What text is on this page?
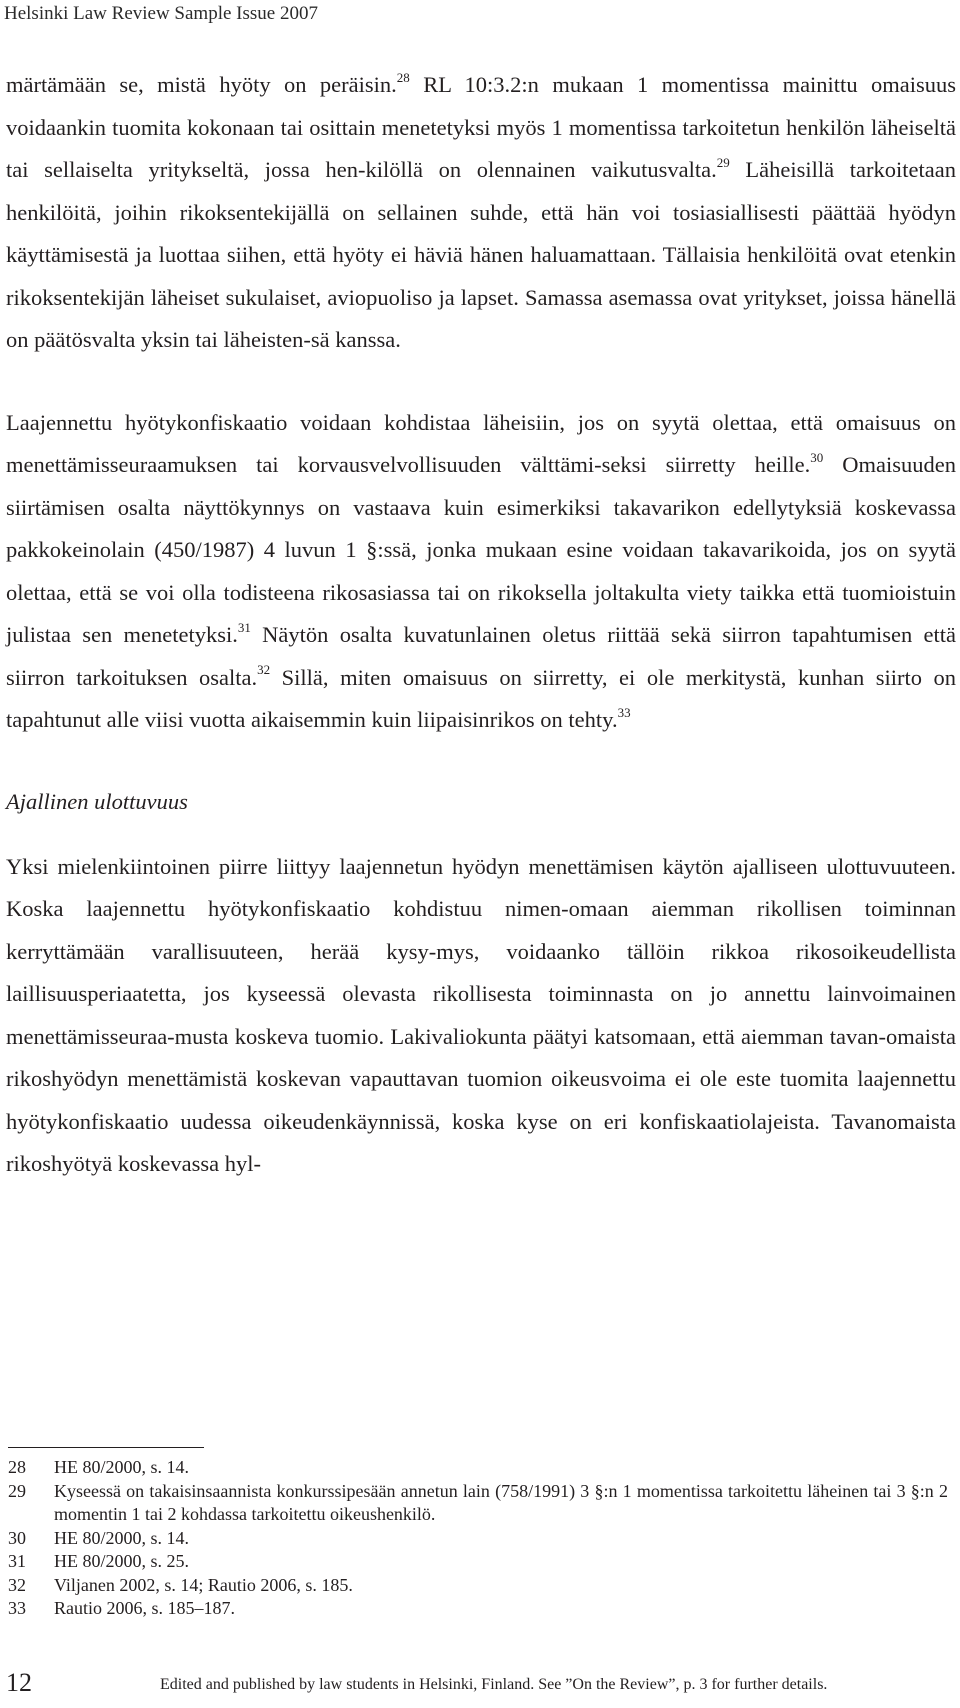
Helsinki Law Review Sample Issue 2007

märtämään se, mistä hyöty on peräisin.$^{28}$ RL 10:3.2:n mukaan 1 momentissa mainittu omaisuus voidaankin tuomita kokonaan tai osittain menetetyksi myös 1 momentissa tarkoitetun henkilön läheiseltä tai sellaiselta yritykseltä, jossa hen-kilöllä on olennainen vaikutusvalta.$^{29}$ Läheisillä tarkoitetaan henkilöitä, joihin rikoksentekijällä on sellainen suhde, että hän voi tosiasiallisesti päättää hyödyn käyttämisestä ja luottaa siihen, että hyöty ei häviä hänen haluamattaan. Tällaisia henkilöitä ovat etenkin rikoksentekijän läheiset sukulaiset, aviopuoliso ja lapset. Samassa asemassa ovat yritykset, joissa hänellä on päätösvalta yksin tai läheisten-sä kanssa.

Laajennettu hyötykonfiskaatio voidaan kohdistaa läheisiin, jos on syytä olettaa, että omaisuus on menettämisseuraamuksen tai korvausvelvollisuuden välttämi-seksi siirretty heille.$^{30}$ Omaisuuden siirtämisen osalta näyttökynnys on vastaava kuin esimerkiksi takavarikon edellytyksiä koskevassa pakkokeinolain (450/1987) 4 luvun 1 §:ssä, jonka mukaan esine voidaan takavarikoida, jos on syytä olettaa, että se voi olla todisteena rikosasiassa tai on rikoksella joltakulta viety taikka että tuomioistuin julistaa sen menetetyksi.$^{31}$ Näytön osalta kuvatunlainen oletus riittää sekä siirron tapahtumisen että siirron tarkoituksen osalta.$^{32}$ Sillä, miten omaisuus on siirretty, ei ole merkitystä, kunhan siirto on tapahtunut alle viisi vuotta aikaisemmin kuin liipaisinrikos on tehty.$^{33}$

Ajallinen ulottuvuus

Yksi mielenkiintoinen piirre liittyy laajennetun hyödyn menettämisen käytön ajalliseen ulottuvuuteen. Koska laajennettu hyötykonfiskaatio kohdistuu nimen-omaan aiemman rikollisen toiminnan kerryttämään varallisuuteen, herää kysy-mys, voidaanko tällöin rikkoa rikosoikeudellista laillisuusperiaatetta, jos kyseessä olevasta rikollisesta toiminnasta on jo annettu lainvoimainen menettämisseuraa-musta koskeva tuomio. Lakivaliokunta päätyi katsomaan, että aiemman tavan-omaista rikoshyödyn menettämistä koskevan vapauttavan tuomion oikeusvoima ei ole este tuomita laajennettu hyötykonfiskaatio uudessa oikeudenkäynnissä, koska kyse on eri konfiskaatiolajeista. Tavanomaista rikoshyötyä koskevassa hyl-

28	HE 80/2000, s. 14.
29	Kyseessä on takaisinsaannista konkurssipesään annetun lain (758/1991) 3 §:n 1 momentissa tarkoitettu läheinen tai 3 §:n 2 momentin 1 tai 2 kohdassa tarkoitettu oikeushenkilö.
30	HE 80/2000, s. 14.
31	HE 80/2000, s. 25.
32	Viljanen 2002, s. 14; Rautio 2006, s. 185.
33	Rautio 2006, s. 185–187.
12	Edited and published by law students in Helsinki, Finland. See ”On the Review”, p. 3 for further details.
